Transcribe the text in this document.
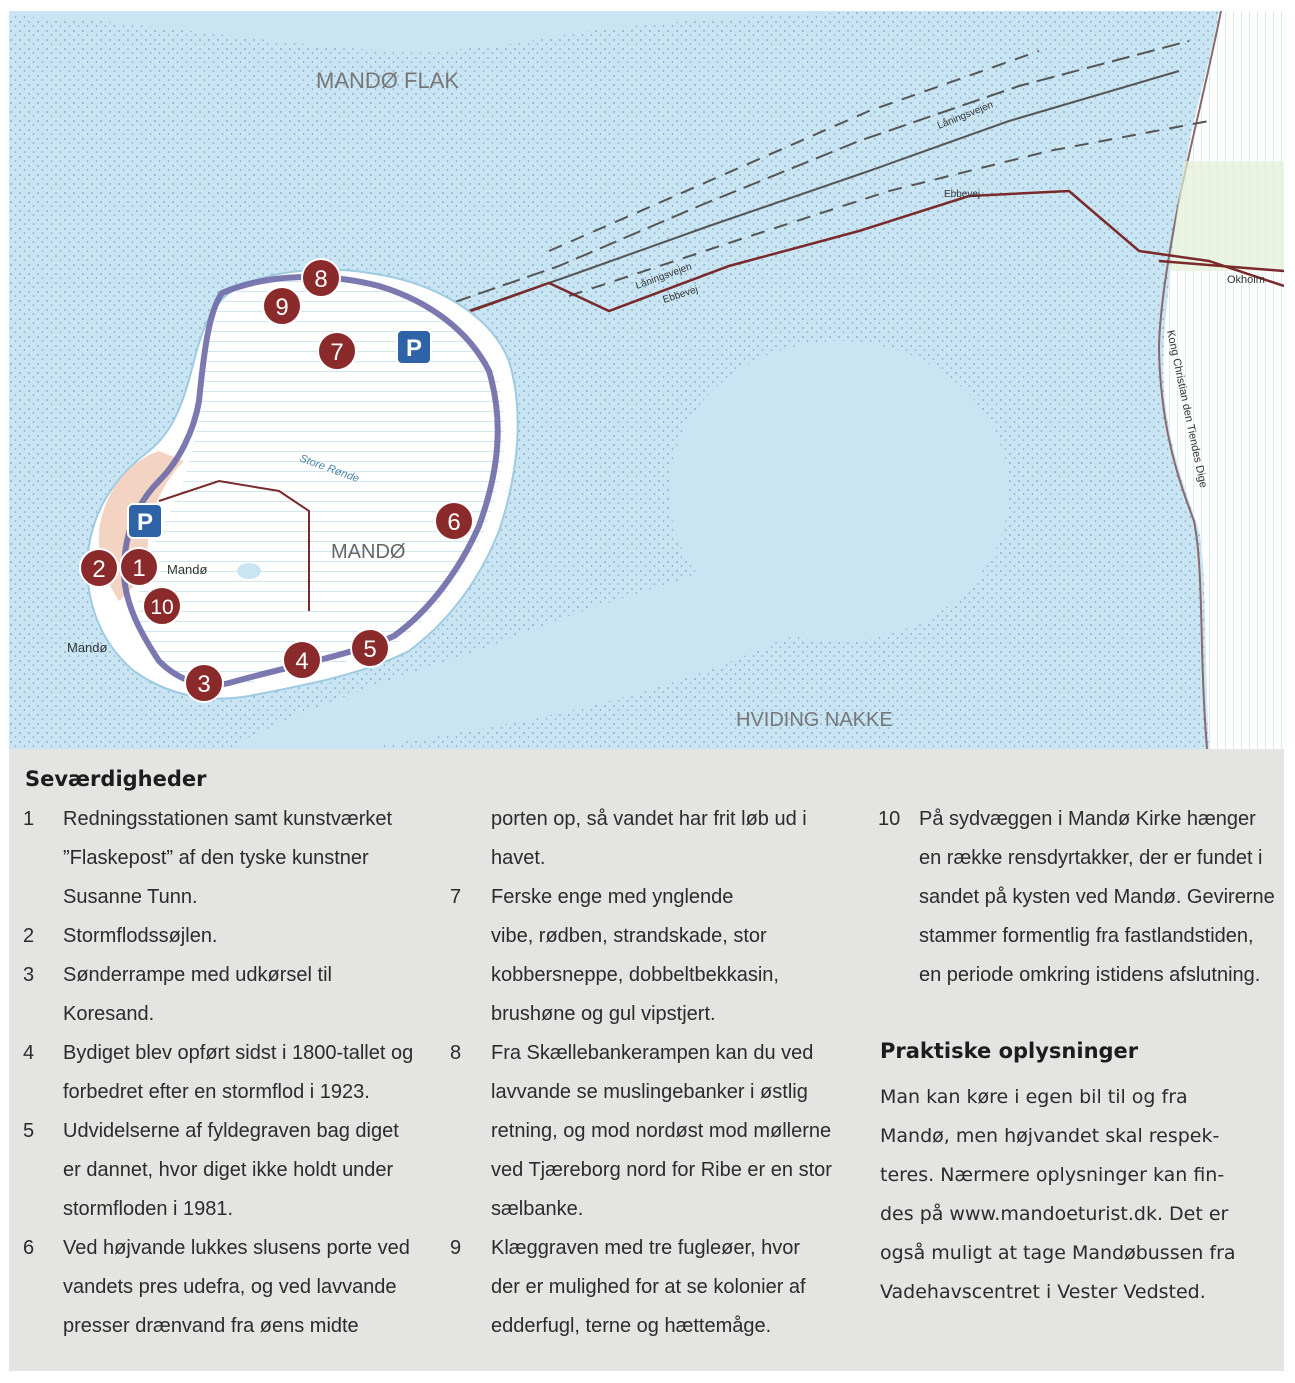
MANDØ FLAK
HVIDING NAKKE
MANDØ
Mandø
Mandø
Store Rønde
Ebbevej
Ebbevej
Låningsvejen
Låningsvejen
Okholm
Kong Christian den Tiendes Dige
P
P
8
9
7
6
2 1
10
5
4
3
Seværdigheder
1	Redningsstationen samt kunstværket
”Flaskepost” af den tyske kunstner
Susanne Tunn.
2	Stormflodssøjlen.
3	Sønderrampe med udkørsel til
Koresand.
4	Bydiget blev opført sidst i 1800-tallet og
forbedret efter en stormflod i 1923.
5	Udvidelserne af fyldegraven bag diget
er dannet, hvor diget ikke holdt under
stormfloden i 1981.
6	Ved højvande lukkes slusens porte ved
vandets pres udefra, og ved lavvande
presser drænvand fra øens midte
porten op, så vandet har frit løb ud i
havet.
7	Ferske enge med ynglende
vibe, rødben, strandskade, stor
kobbersneppe, dobbeltbekkasin,
brushøne og gul vipstjert.
8	Fra Skællebankerampen kan du ved
lavvande se muslingebanker i østlig
retning, og mod nordøst mod møllerne
ved Tjæreborg nord for Ribe er en stor
sælbanke.
9	Klæggraven med tre fugleøer, hvor
der er mulighed for at se kolonier af
edderfugl, terne og hættemåge.
10 På sydvæggen i Mandø Kirke hænger
en række rensdyrtakker, der er fundet i
sandet på kysten ved Mandø. Gevirerne
stammer formentlig fra fastlandstiden,
en periode omkring istidens afslutning.
Praktiske oplysninger
Man kan køre i egen bil til og fra
Mandø, men højvandet skal respek-
teres. Nærmere oplysninger kan fin-
des på www.mandoeturist.dk. Det er
også muligt at tage Mandøbussen fra
Vadehavscentret i Vester Vedsted.
